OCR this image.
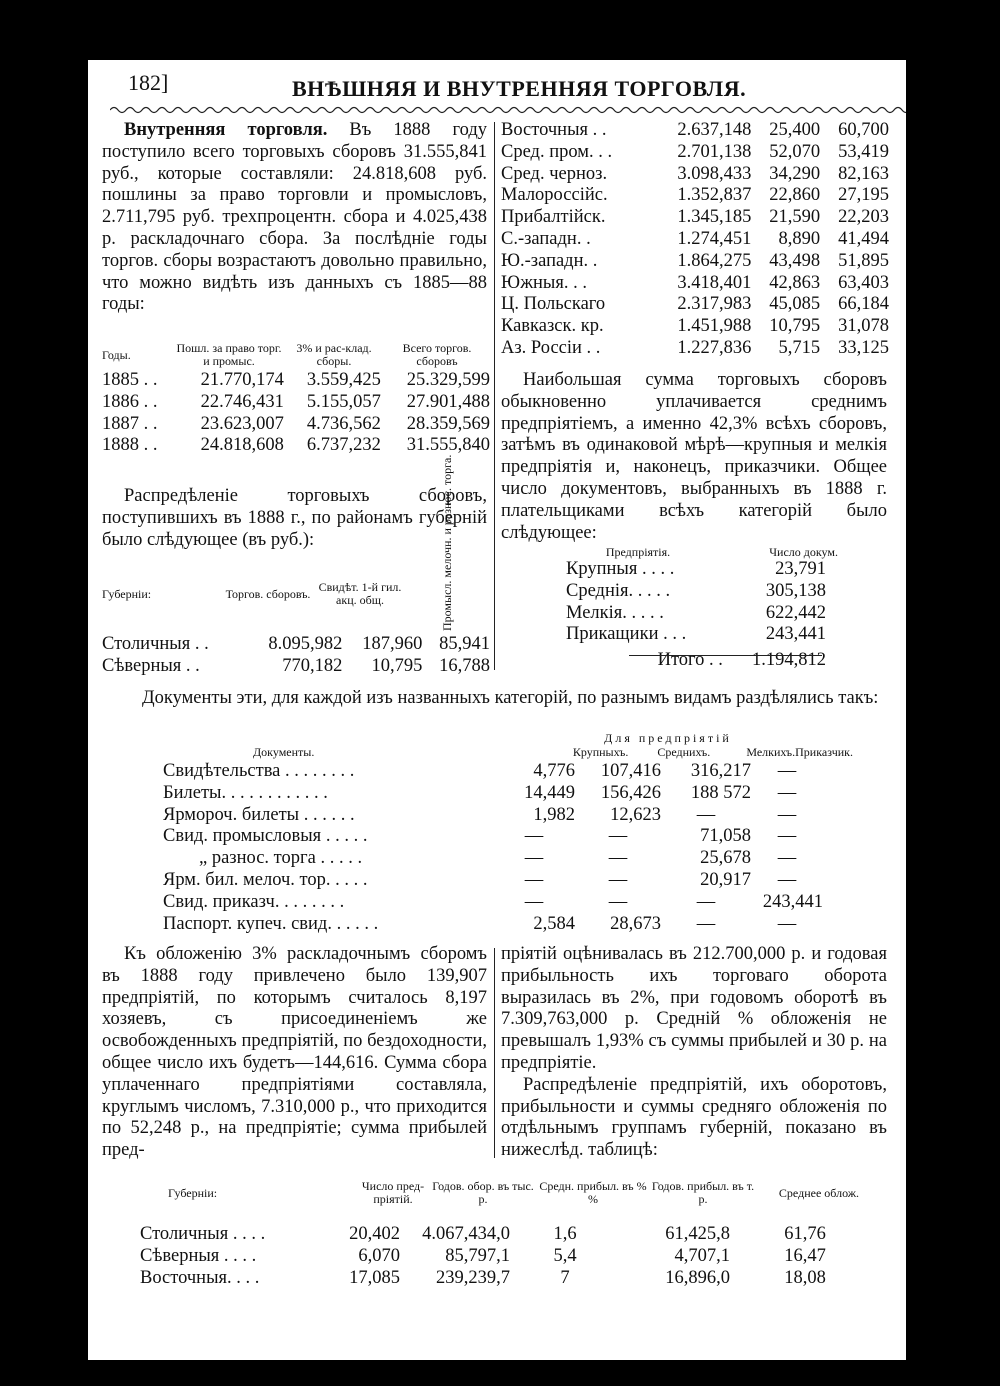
182]	ВНѢШНЯЯ И ВНУТРЕННЯЯ ТОРГОВЛЯ.

Внутренняя торговля. Въ 1888 году поступило всего торговыхъ сборовъ 31.555,841 руб., которые составляли: 24.818,608 руб. пошлины за право торговли и промысловъ, 2.711,795 руб. трехпроцентн. сбора и 4.025,438 р. раскладочнаго сбора. За послѣдніе годы торгов. сборы возрастаютъ довольно правильно, что можно видѣть изъ данныхъ съ 1885—88 годы:

Годы.	Пошл. за право торг. и промыс.	3% и рас-клад. сборы.	Всего торгов. сборовъ
1885 . .	21.770,174	3.559,425	25.329,599
1886 . .	22.746,431	5.155,057	27.901,488
1887 . .	23.623,007	4.736,562	28.359,569
1888 . .	24.818,608	6.737,232	31.555,840

Распредѣленіе торговыхъ сборовъ, поступившихъ въ 1888 г., по районамъ губерній было слѣдующее (въ руб.):

Губерніи:	Торгов. сборовъ.	Свидѣт. 1-й гил. акц. общ.	Промысл. мелочн. и разнос. торга.
Столичныя . .	8.095,982	187,960	85,941
Сѣверныя . .	770,182	10,795	16,788
Восточныя . .	2.637,148	25,400	60,700
Сред. пром. . .	2.701,138	52,070	53,419
Сред. черноз.	3.098,433	34,290	82,163
Малороссійс.	1.352,837	22,860	27,195
Прибалтійск.	1.345,185	21,590	22,203
С.-западн. .	1.274,451	8,890	41,494
Ю.-западн. .	1.864,275	43,498	51,895
Южныя. . .	3.418,401	42,863	63,403
Ц. Польскаго	2.317,983	45,085	66,184
Кавказск. кр.	1.451,988	10,795	31,078
Аз. Россіи . .	1.227,836	5,715	33,125

Наибольшая сумма торговыхъ сборовъ обыкновенно уплачивается среднимъ предпріятіемъ, а именно 42,3% всѣхъ сборовъ, затѣмъ въ одинаковой мѣрѣ—крупныя и мелкія предпріятія и, наконецъ, приказчики. Общее число документовъ, выбранныхъ въ 1888 г. плательщиками всѣхъ категорій было слѣдующее:

Предпріятія.	Число докум.
Крупныя . . . .	23,791
Среднія. . . . .	305,138
Мелкія. . . . .	622,442
Прикащики . . .	243,441
Итого . .	1.194,812

Документы эти, для каждой изъ названныхъ категорій, по разнымъ видамъ раздѣлялись такъ:

Для предпріятій
Документы.	Крупныхъ.	Среднихъ.	Мелкихъ.	Приказчик.
Свидѣтельства . . . . . . . .	4,776	107,416	316,217	—
Билеты. . . . . . . . . . . .	14,449	156,426	188 572	—
Ярмороч. билеты . . . . . .	1,982	12,623	—	—
Свид. промысловыя . . . . .	—	—	71,058	—
„ разнос. торга . . . . .	—	—	25,678	—
Ярм. бил. мелоч. тор. . . . .	—	—	20,917	—
Свид. приказч. . . . . . . .	—	—	—	243,441
Паспорт. купеч. свид. . . . . .	2,584	28,673	—	—

Къ обложенію 3% раскладочнымъ сборомъ въ 1888 году привлечено было 139,907 предпріятій, по которымъ считалось 8,197 хозяевъ, съ присоединеніемъ же освобожденныхъ предпріятій, по бездоходности, общее число ихъ будетъ—144,616. Сумма сбора уплаченнаго предпріятіями составляла, круглымъ числомъ, 7.310,000 р., что приходится по 52,248 р., на предпріятіе; сумма прибылей пред-

пріятій оцѣнивалась въ 212.700,000 р. и годовая прибыльность ихъ торговаго оборота выразилась въ 2%, при годовомъ оборотѣ въ 7.309,763,000 р. Средній % обложенія не превышалъ 1,93% съ суммы прибылей и 30 р. на предпріятіе.

Распредѣленіе предпріятій, ихъ оборотовъ, прибыльности и суммы средняго обложенія по отдѣльнымъ группамъ губерній, показано въ нижеслѣд. таблицѣ:

Губерніи:	Число пред-пріятій.	Годов. обор. въ тыс. р.	Средн. прибыл. въ % %	Годов. прибыл. въ т. р.	Среднее облож.
Столичныя . . . .	20,402	4.067,434,0	1,6	61,425,8	61,76
Сѣверныя . . . .	6,070	85,797,1	5,4	4,707,1	16,47
Восточныя. . . .	17,085	239,239,7	7	16,896,0	18,08
